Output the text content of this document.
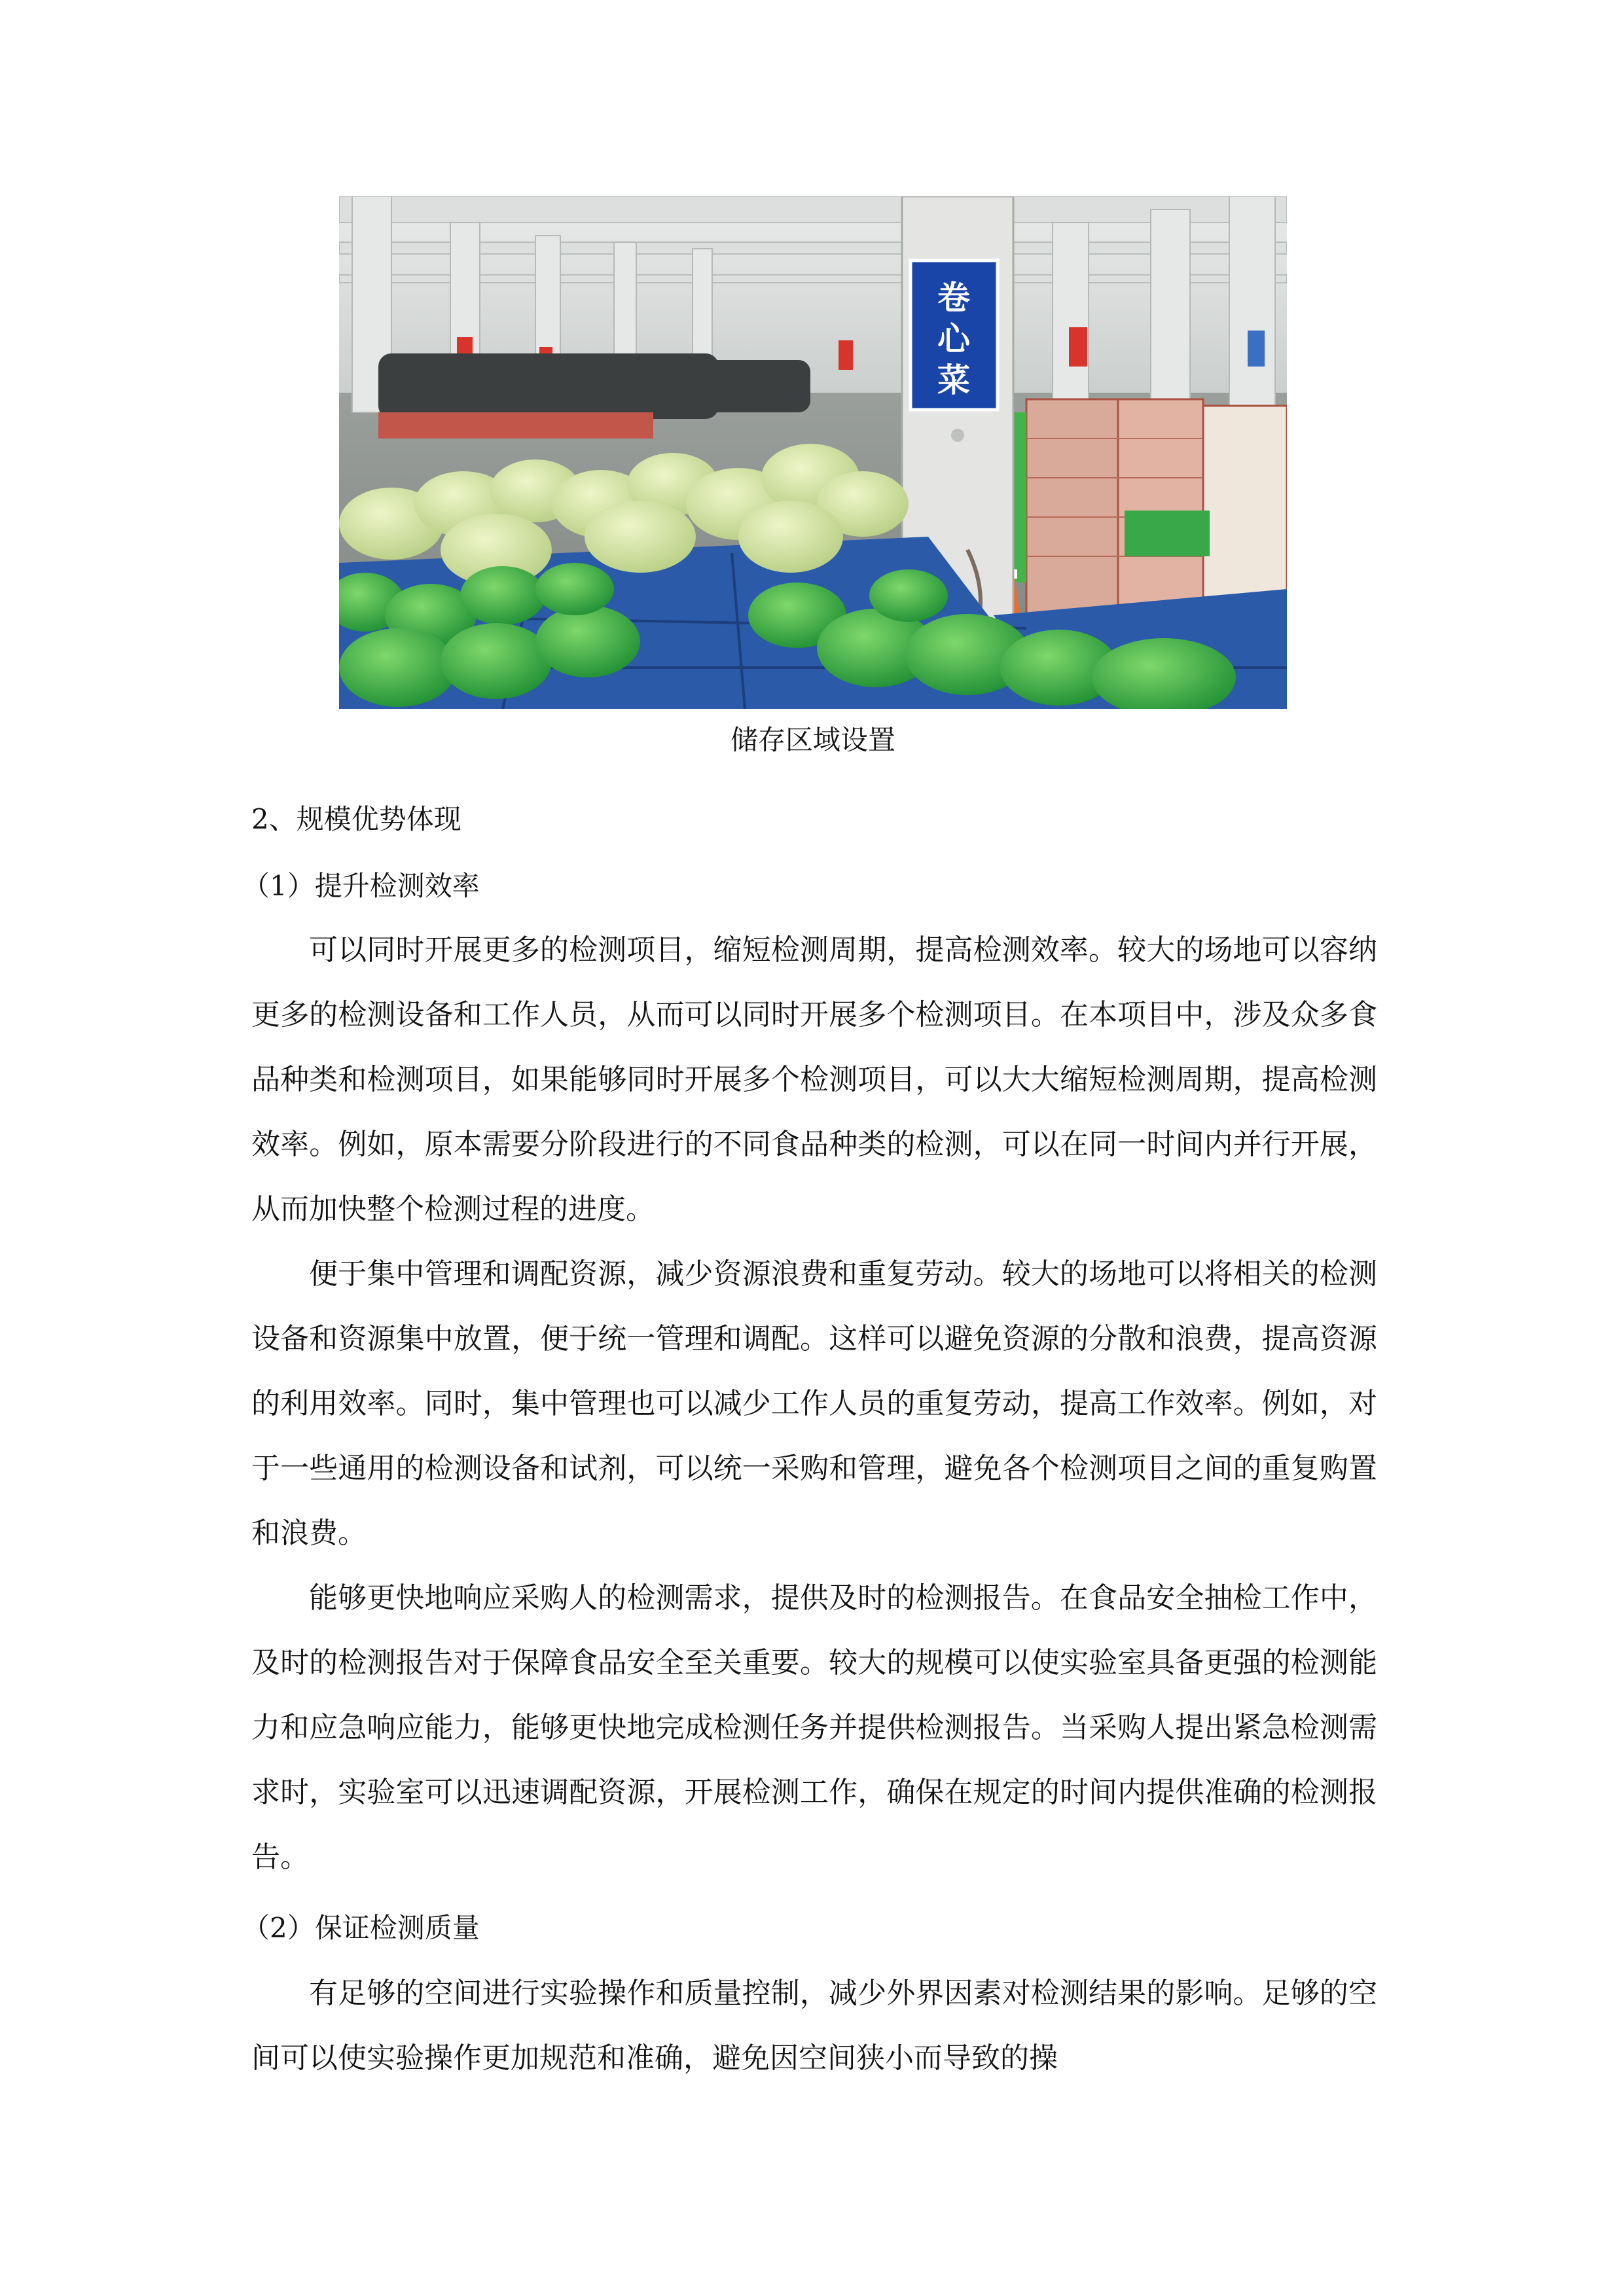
卷
心
菜
储存区域设置
2、规模优势体现
（1）提升检测效率
可以同时开展更多的检测项目，缩短检测周期，提高检测效率。较大的场地可以容纳更多的检测设备和工作人员，从而可以同时开展多个检测项目。在本项目中，涉及众多食品种类和检测项目，如果能够同时开展多个检测项目，可以大大缩短检测周期，提高检测效率。例如，原本需要分阶段进行的不同食品种类的检测，可以在同一时间内并行开展，从而加快整个检测过程的进度。
便于集中管理和调配资源，减少资源浪费和重复劳动。较大的场地可以将相关的检测设备和资源集中放置，便于统一管理和调配。这样可以避免资源的分散和浪费，提高资源的利用效率。同时，集中管理也可以减少工作人员的重复劳动，提高工作效率。例如，对于一些通用的检测设备和试剂，可以统一采购和管理，避免各个检测项目之间的重复购置和浪费。
能够更快地响应采购人的检测需求，提供及时的检测报告。在食品安全抽检工作中，及时的检测报告对于保障食品安全至关重要。较大的规模可以使实验室具备更强的检测能力和应急响应能力，能够更快地完成检测任务并提供检测报告。当采购人提出紧急检测需求时，实验室可以迅速调配资源，开展检测工作，确保在规定的时间内提供准确的检测报告。
（2）保证检测质量
有足够的空间进行实验操作和质量控制，减少外界因素对检测结果的影响。足够的空间可以使实验操作更加规范和准确，避免因空间狭小而导致的操
